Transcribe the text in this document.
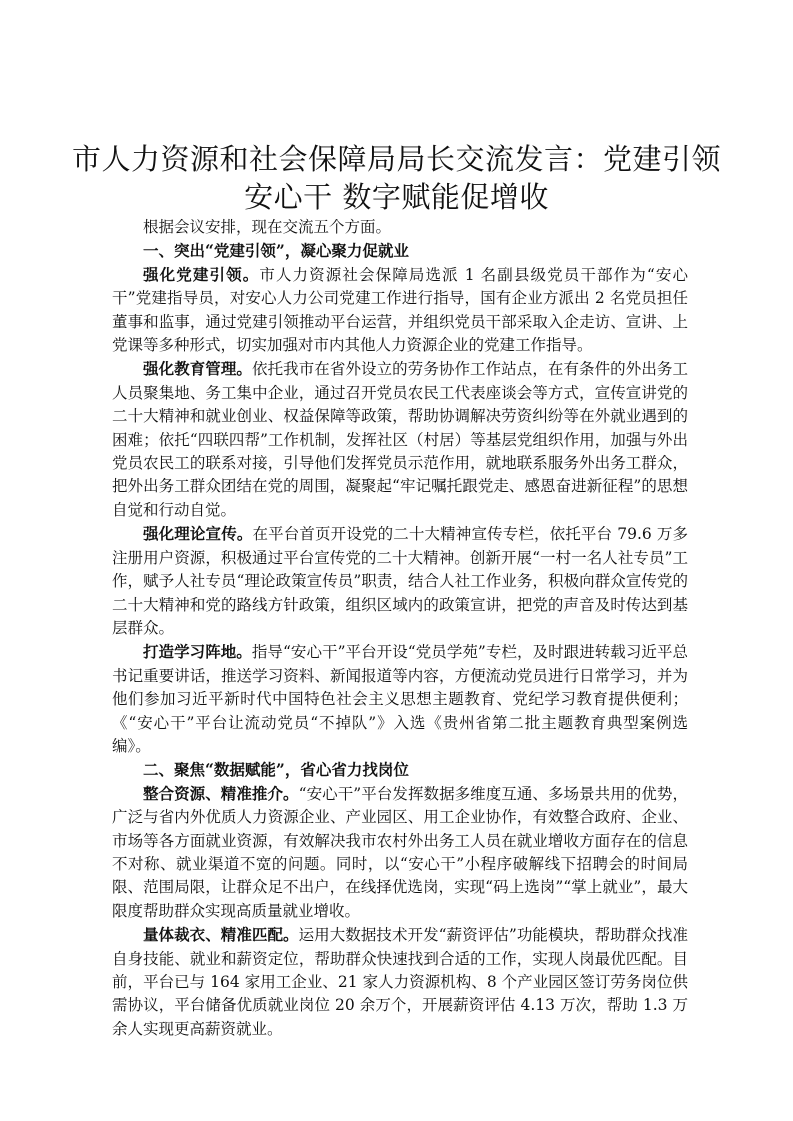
市人力资源和社会保障局局长交流发言：党建引领安心干 数字赋能促增收

根据会议安排，现在交流五个方面。

一、突出“党建引领”，凝心聚力促就业

强化党建引领。市人力资源社会保障局选派 1 名副县级党员干部作为“安心干”党建指导员，对安心人力公司党建工作进行指导，国有企业方派出 2 名党员担任董事和监事，通过党建引领推动平台运营，并组织党员干部采取入企走访、宣讲、上党课等多种形式，切实加强对市内其他人力资源企业的党建工作指导。

强化教育管理。依托我市在省外设立的劳务协作工作站点，在有条件的外出务工人员聚集地、务工集中企业，通过召开党员农民工代表座谈会等方式，宣传宣讲党的二十大精神和就业创业、权益保障等政策，帮助协调解决劳资纠纷等在外就业遇到的困难；依托“四联四帮”工作机制，发挥社区（村居）等基层党组织作用，加强与外出党员农民工的联系对接，引导他们发挥党员示范作用，就地联系服务外出务工群众，把外出务工群众团结在党的周围，凝聚起“牢记嘱托跟党走、感恩奋进新征程”的思想自觉和行动自觉。

强化理论宣传。在平台首页开设党的二十大精神宣传专栏，依托平台 79.6 万多注册用户资源，积极通过平台宣传党的二十大精神。创新开展“一村一名人社专员”工作，赋予人社专员“理论政策宣传员”职责，结合人社工作业务，积极向群众宣传党的二十大精神和党的路线方针政策，组织区域内的政策宣讲，把党的声音及时传达到基层群众。

打造学习阵地。指导“安心干”平台开设“党员学苑”专栏，及时跟进转载习近平总书记重要讲话，推送学习资料、新闻报道等内容，方便流动党员进行日常学习，并为他们参加习近平新时代中国特色社会主义思想主题教育、党纪学习教育提供便利；《“安心干”平台让流动党员“不掉队”》入选《贵州省第二批主题教育典型案例选编》。

二、聚焦“数据赋能”，省心省力找岗位

整合资源、精准推介。“安心干”平台发挥数据多维度互通、多场景共用的优势，广泛与省内外优质人力资源企业、产业园区、用工企业协作，有效整合政府、企业、市场等各方面就业资源，有效解决我市农村外出务工人员在就业增收方面存在的信息不对称、就业渠道不宽的问题。同时，以“安心干”小程序破解线下招聘会的时间局限、范围局限，让群众足不出户，在线择优选岗，实现“码上选岗”“掌上就业”，最大限度帮助群众实现高质量就业增收。

量体裁衣、精准匹配。运用大数据技术开发“薪资评估”功能模块，帮助群众找准自身技能、就业和薪资定位，帮助群众快速找到合适的工作，实现人岗最优匹配。目前，平台已与 164 家用工企业、21 家人力资源机构、8 个产业园区签订劳务岗位供需协议，平台储备优质就业岗位 20 余万个，开展薪资评估 4.13 万次，帮助 1.3 万余人实现更高薪资就业。
